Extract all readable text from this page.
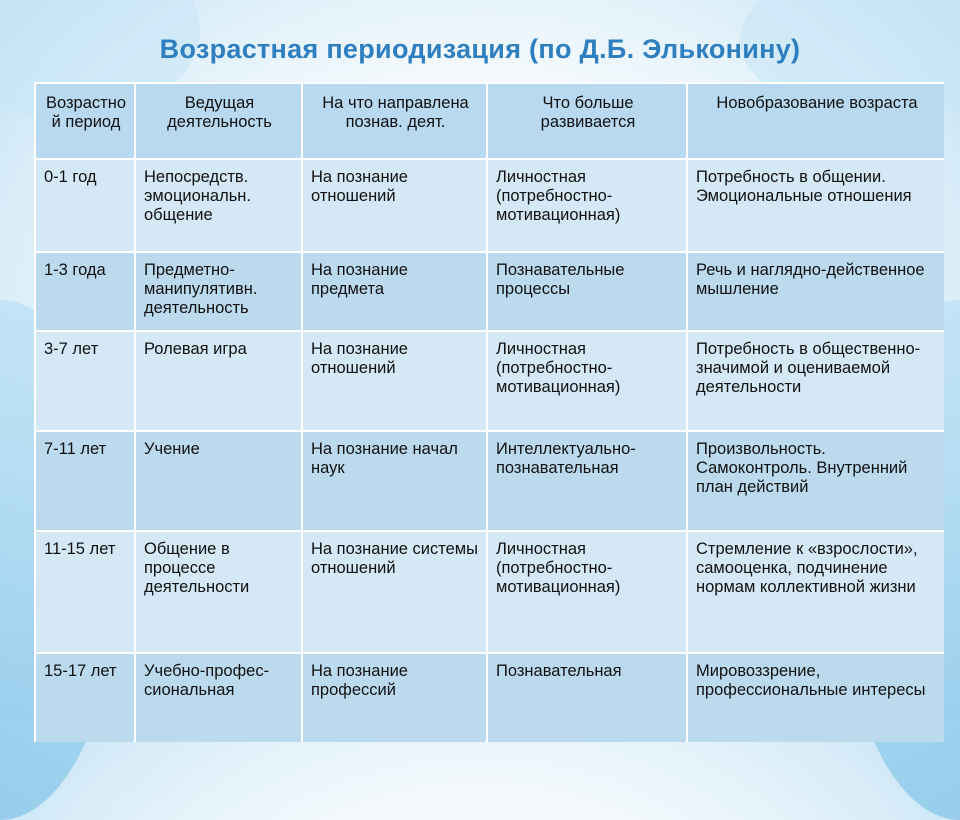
Возрастная периодизация (по Д.Б. Эльконину)
Возрастной период	Ведущая деятельность	На что направлена познав. деят.	Что больше развивается	Новобразование возраста
0-1 год	Непосредств. эмоциональн. общение	На познание отношений	Личностная (потребностно-мотивационная)	Потребность в общении. Эмоциональные отношения
1-3 года	Предметно-манипулятивн. деятельность	На познание предмета	Познавательные процессы	Речь и наглядно-действенное мышление
3-7 лет	Ролевая игра	На познание отношений	Личностная (потребностно-мотивационная)	Потребность в общественно-значимой и оцениваемой деятельности
7-11 лет	Учение	На познание начал наук	Интеллектуально-познавательная	Произвольность. Самоконтроль. Внутренний план действий
11-15 лет	Общение в процессе деятельности	На познание системы отношений	Личностная (потребностно-мотивационная)	Стремление к «взрослости», самооценка, подчинение нормам коллективной жизни
15-17 лет	Учебно-профес-сиональная	На познание профессий	Познавательная	Мировоззрение, профессиональные интересы
